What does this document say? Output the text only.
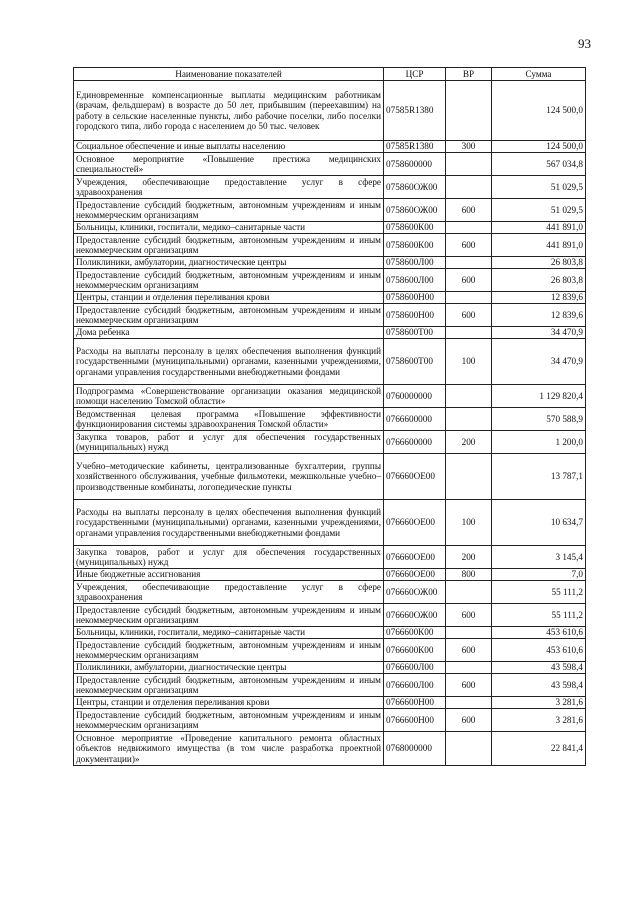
93
Наименование показателей	ЦСР	ВР	Сумма
Единовременные компенсационные выплаты медицинским работникам (врачам, фельдшерам) в возрасте до 50 лет, прибывшим (переехавшим) на работу в сельские населенные пункты, либо рабочие поселки, либо поселки городского типа, либо города с населением до 50 тыс. человек	07585R1380		124 500,0
Социальное обеспечение и иные выплаты населению	07585R1380	300	124 500,0
Основное мероприятие «Повышение престижа медицинских специальностей»	0758600000		567 034,8
Учреждения, обеспечивающие предоставление услуг в сфере здравоохранения	075860ОЖ00		51 029,5
Предоставление субсидий бюджетным, автономным учреждениям и иным некоммерческим организациям	075860ОЖ00	600	51 029,5
Больницы, клиники, госпитали, медико–санитарные части	0758600К00		441 891,0
Предоставление субсидий бюджетным, автономным учреждениям и иным некоммерческим организациям	0758600К00	600	441 891,0
Поликлиники, амбулатории, диагностические центры	0758600Л00		26 803,8
Предоставление субсидий бюджетным, автономным учреждениям и иным некоммерческим организациям	0758600Л00	600	26 803,8
Центры, станции и отделения переливания крови	0758600Н00		12 839,6
Предоставление субсидий бюджетным, автономным учреждениям и иным некоммерческим организациям	0758600Н00	600	12 839,6
Дома ребенка	0758600Т00		34 470,9
Расходы на выплаты персоналу в целях обеспечения выполнения функций государственными (муниципальными) органами, казенными учреждениями, органами управления государственными внебюджетными фондами	0758600Т00	100	34 470,9
Подпрограмма «Совершенствование организации оказания медицинской помощи населению Томской области»	0760000000		1 129 820,4
Ведомственная целевая программа «Повышение эффективности функционирования системы здравоохранения Томской области»	0766600000		570 588,9
Закупка товаров, работ и услуг для обеспечения государственных (муниципальных) нужд	0766600000	200	1 200,0
Учебно–методические кабинеты, централизованные бухгалтерии, группы хозяйственного обслуживания, учебные фильмотеки, межшкольные учебно–производственные комбинаты, логопедические пункты	076660ОЕ00		13 787,1
Расходы на выплаты персоналу в целях обеспечения выполнения функций государственными (муниципальными) органами, казенными учреждениями, органами управления государственными внебюджетными фондами	076660ОЕ00	100	10 634,7
Закупка товаров, работ и услуг для обеспечения государственных (муниципальных) нужд	076660ОЕ00	200	3 145,4
Иные бюджетные ассигнования	076660ОЕ00	800	7,0
Учреждения, обеспечивающие предоставление услуг в сфере здравоохранения	076660ОЖ00		55 111,2
Предоставление субсидий бюджетным, автономным учреждениям и иным некоммерческим организациям	076660ОЖ00	600	55 111,2
Больницы, клиники, госпитали, медико–санитарные части	0766600К00		453 610,6
Предоставление субсидий бюджетным, автономным учреждениям и иным некоммерческим организациям	0766600К00	600	453 610,6
Поликлиники, амбулатории, диагностические центры	0766600Л00		43 598,4
Предоставление субсидий бюджетным, автономным учреждениям и иным некоммерческим организациям	0766600Л00	600	43 598,4
Центры, станции и отделения переливания крови	0766600Н00		3 281,6
Предоставление субсидий бюджетным, автономным учреждениям и иным некоммерческим организациям	0766600Н00	600	3 281,6
Основное мероприятие «Проведение капитального ремонта областных объектов недвижимого имущества (в том числе разработка проектной документации)»	0768000000		22 841,4
